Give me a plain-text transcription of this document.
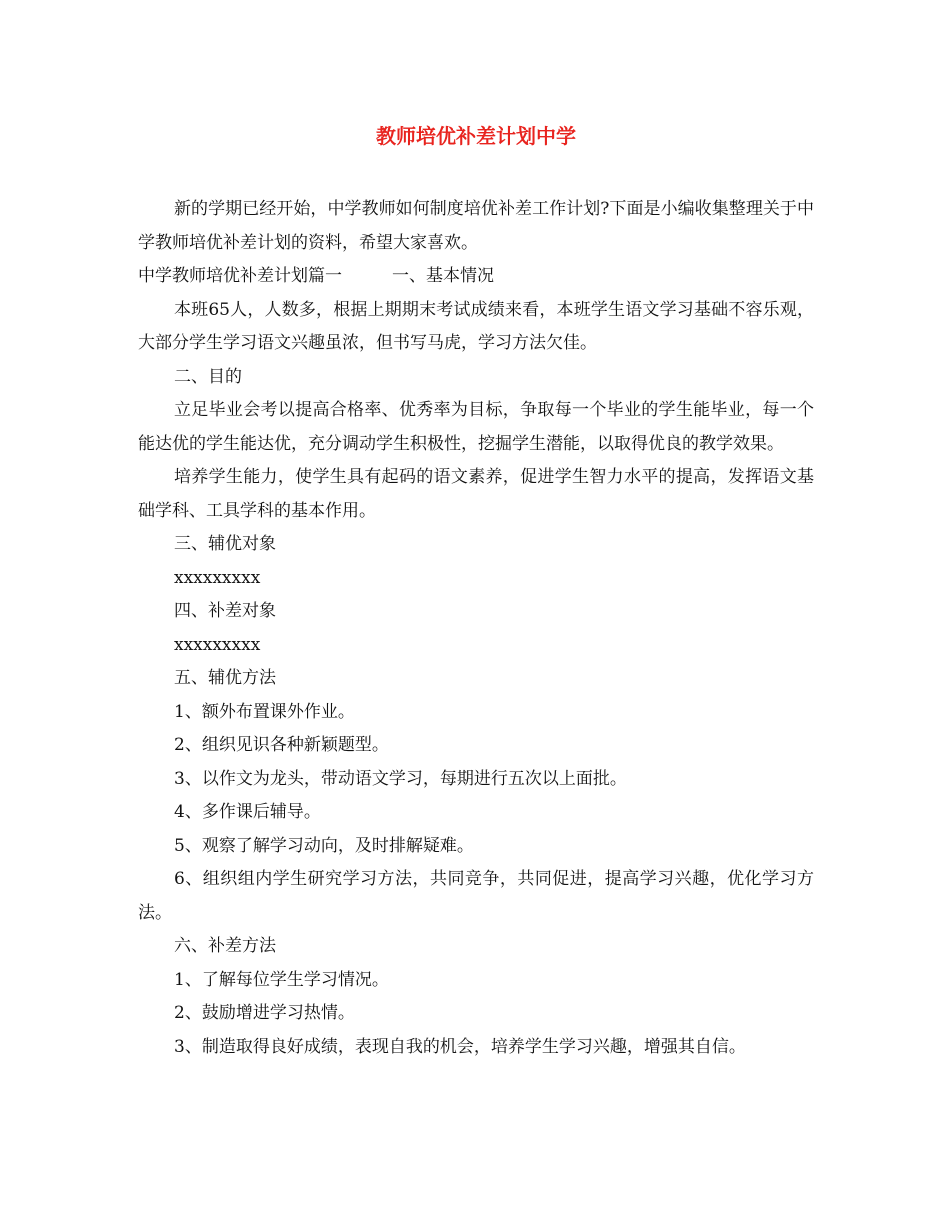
教师培优补差计划中学

新的学期已经开始，中学教师如何制度培优补差工作计划?下面是小编收集整理关于中学教师培优补差计划的资料，希望大家喜欢。

中学教师培优补差计划篇一	一、基本情况

本班65人，人数多，根据上期期末考试成绩来看，本班学生语文学习基础不容乐观，大部分学生学习语文兴趣虽浓，但书写马虎，学习方法欠佳。

二、目的

立足毕业会考以提高合格率、优秀率为目标，争取每一个毕业的学生能毕业，每一个能达优的学生能达优，充分调动学生积极性，挖掘学生潜能，以取得优良的教学效果。

培养学生能力，使学生具有起码的语文素养，促进学生智力水平的提高，发挥语文基础学科、工具学科的基本作用。

三、辅优对象

xxxxxxxxx

四、补差对象

xxxxxxxxx

五、辅优方法

1、额外布置课外作业。

2、组织见识各种新颖题型。

3、以作文为龙头，带动语文学习，每期进行五次以上面批。

4、多作课后辅导。

5、观察了解学习动向，及时排解疑难。

6、组织组内学生研究学习方法，共同竞争，共同促进，提高学习兴趣，优化学习方法。

六、补差方法

1、了解每位学生学习情况。

2、鼓励增进学习热情。

3、制造取得良好成绩，表现自我的机会，培养学生学习兴趣，增强其自信。
